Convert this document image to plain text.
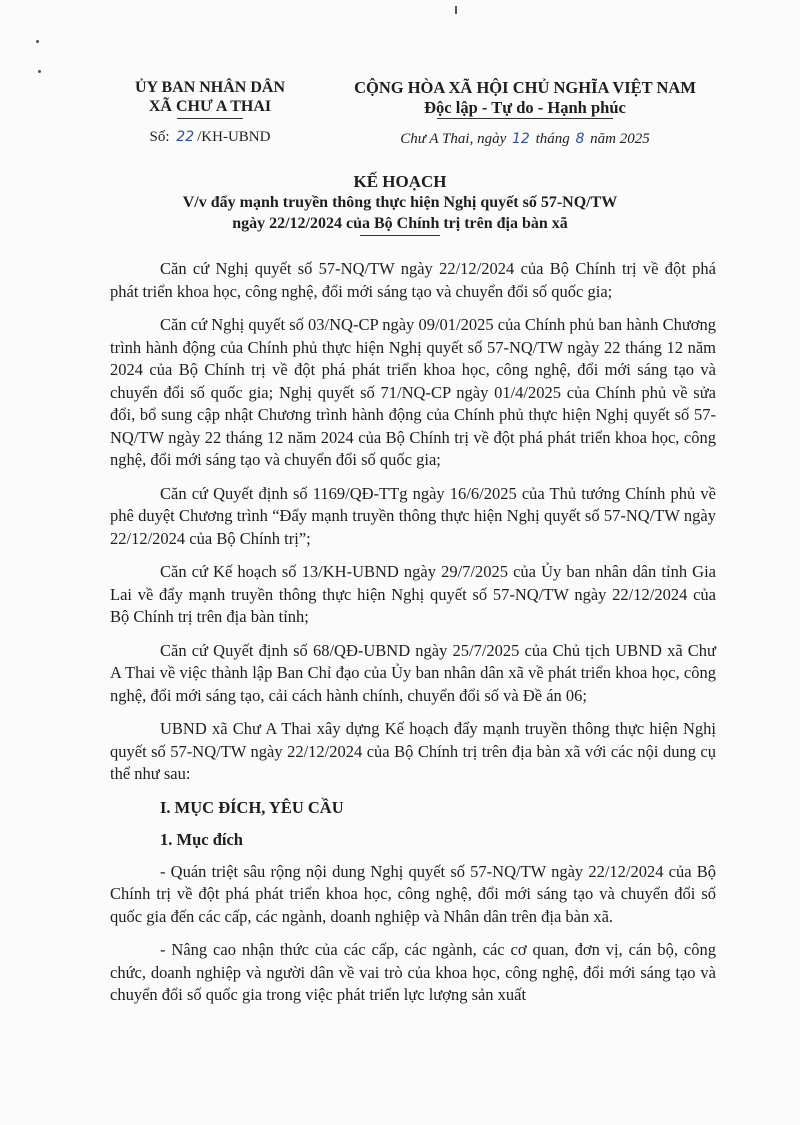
ỦY BAN NHÂN DÂN

XÃ CHƯ A THAI

Số: 22 /KH-UBND

CỘNG HÒA XÃ HỘI CHỦ NGHĨA VIỆT NAM

Độc lập - Tự do - Hạnh phúc

Chư A Thai, ngày 12 tháng 8 năm 2025
KẾ HOẠCH
V/v đẩy mạnh truyền thông thực hiện Nghị quyết số 57-NQ/TW
ngày 22/12/2024 của Bộ Chính trị trên địa bàn xã

Căn cứ Nghị quyết số 57-NQ/TW ngày 22/12/2024 của Bộ Chính trị về đột phá phát triển khoa học, công nghệ, đổi mới sáng tạo và chuyển đổi số quốc gia;

Căn cứ Nghị quyết số 03/NQ-CP ngày 09/01/2025 của Chính phủ ban hành Chương trình hành động của Chính phủ thực hiện Nghị quyết số 57-NQ/TW ngày 22 tháng 12 năm 2024 của Bộ Chính trị về đột phá phát triển khoa học, công nghệ, đổi mới sáng tạo và chuyển đổi số quốc gia; Nghị quyết số 71/NQ-CP ngày 01/4/2025 của Chính phủ về sửa đổi, bổ sung cập nhật Chương trình hành động của Chính phủ thực hiện Nghị quyết số 57-NQ/TW ngày 22 tháng 12 năm 2024 của Bộ Chính trị về đột phá phát triển khoa học, công nghệ, đổi mới sáng tạo và chuyển đổi số quốc gia;

Căn cứ Quyết định số 1169/QĐ-TTg ngày 16/6/2025 của Thủ tướng Chính phủ về phê duyệt Chương trình “Đẩy mạnh truyền thông thực hiện Nghị quyết số 57-NQ/TW ngày 22/12/2024 của Bộ Chính trị”;

Căn cứ Kế hoạch số 13/KH-UBND ngày 29/7/2025 của Ủy ban nhân dân tỉnh Gia Lai về đẩy mạnh truyền thông thực hiện Nghị quyết số 57-NQ/TW ngày 22/12/2024 của Bộ Chính trị trên địa bàn tỉnh;

Căn cứ Quyết định số 68/QĐ-UBND ngày 25/7/2025 của Chủ tịch UBND xã Chư A Thai về việc thành lập Ban Chỉ đạo của Ủy ban nhân dân xã về phát triển khoa học, công nghệ, đổi mới sáng tạo, cải cách hành chính, chuyển đổi số và Đề án 06;

UBND xã Chư A Thai xây dựng Kế hoạch đẩy mạnh truyền thông thực hiện Nghị quyết số 57-NQ/TW ngày 22/12/2024 của Bộ Chính trị trên địa bàn xã với các nội dung cụ thể như sau:

I. MỤC ĐÍCH, YÊU CẦU
1. Mục đích

- Quán triệt sâu rộng nội dung Nghị quyết số 57-NQ/TW ngày 22/12/2024 của Bộ Chính trị về đột phá phát triển khoa học, công nghệ, đổi mới sáng tạo và chuyển đổi số quốc gia đến các cấp, các ngành, doanh nghiệp và Nhân dân trên địa bàn xã.

- Nâng cao nhận thức của các cấp, các ngành, các cơ quan, đơn vị, cán bộ, công chức, doanh nghiệp và người dân về vai trò của khoa học, công nghệ, đổi mới sáng tạo và chuyển đổi số quốc gia trong việc phát triển lực lượng sản xuất
